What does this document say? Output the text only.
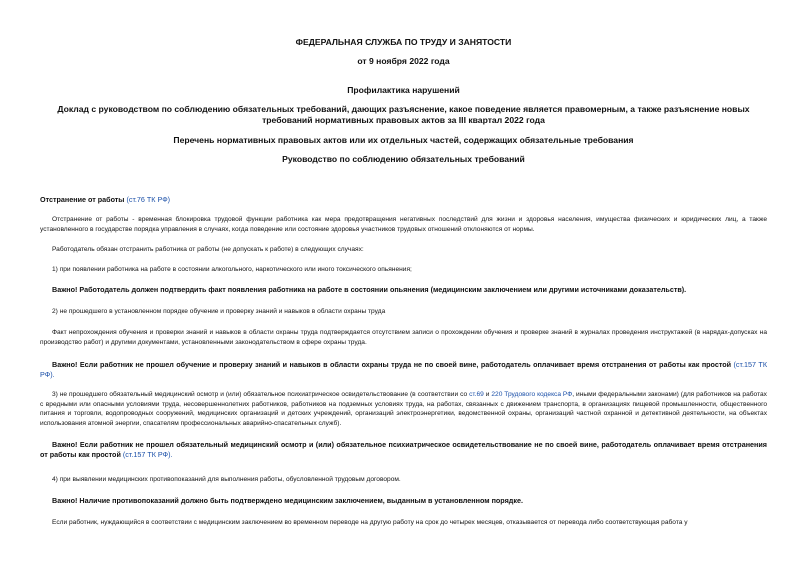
ФЕДЕРАЛЬНАЯ СЛУЖБА ПО ТРУДУ И ЗАНЯТОСТИ

от 9 ноября 2022 года

Профилактика нарушений

Доклад с руководством по соблюдению обязательных требований, дающих разъяснение, какое поведение является правомерным, а также разъяснение новых требований нормативных правовых актов за III квартал 2022 года

Перечень нормативных правовых актов или их отдельных частей, содержащих обязательные требования

Руководство по соблюдению обязательных требований

Отстранение от работы (ст.76 ТК РФ)

Отстранение от работы - временная блокировка трудовой функции работника как мера предотвращения негативных последствий для жизни и здоровья населения, имущества физических и юридических лиц, а также установленного в государстве порядка управления в случаях, когда поведение или состояние здоровья участников трудовых отношений отклоняются от нормы.

Работодатель обязан отстранить работника от работы (не допускать к работе) в следующих случаях:

1) при появлении работника на работе в состоянии алкогольного, наркотического или иного токсического опьянения;

Важно! Работодатель должен подтвердить факт появления работника на работе в состоянии опьянения (медицинским заключением или другими источниками доказательств).

2) не прошедшего в установленном порядке обучение и проверку знаний и навыков в области охраны труда

Факт непрохождения обучения и проверки знаний и навыков в области охраны труда подтверждается отсутствием записи о прохождении обучения и проверке знаний в журналах проведения инструктажей (в нарядах-допусках на производство работ) и другими документами, установленными законодательством в сфере охраны труда.

Важно! Если работник не прошел обучение и проверку знаний и навыков в области охраны труда не по своей вине, работодатель оплачивает время отстранения от работы как простой (ст.157 ТК РФ).

3) не прошедшего обязательный медицинский осмотр и (или) обязательное психиатрическое освидетельствование (в соответствии со ст.69 и 220 Трудового кодекса РФ, иными федеральными законами) (для работников на работах с вредными или опасными условиями труда, несовершеннолетних работников, работников на подземных условиях труда, на работах, связанных с движением транспорта, в организациях пищевой промышленности, общественного питания и торговли, водопроводных сооружений, медицинских организаций и детских учреждений, организаций электроэнергетики, ведомственной охраны, организаций частной охранной и детективной деятельности, на объектах использования атомной энергии, спасателям профессиональных аварийно-спасательных служб).

Важно! Если работник не прошел обязательный медицинский осмотр и (или) обязательное психиатрическое освидетельствование не по своей вине, работодатель оплачивает время отстранения от работы как простой (ст.157 ТК РФ).

4) при выявлении медицинских противопоказаний для выполнения работы, обусловленной трудовым договором.

Важно! Наличие противопоказаний должно быть подтверждено медицинским заключением, выданным в установленном порядке.

Если работник, нуждающийся в соответствии с медицинским заключением во временном переводе на другую работу на срок до четырех месяцев, отказывается от перевода либо соответствующая работа у
